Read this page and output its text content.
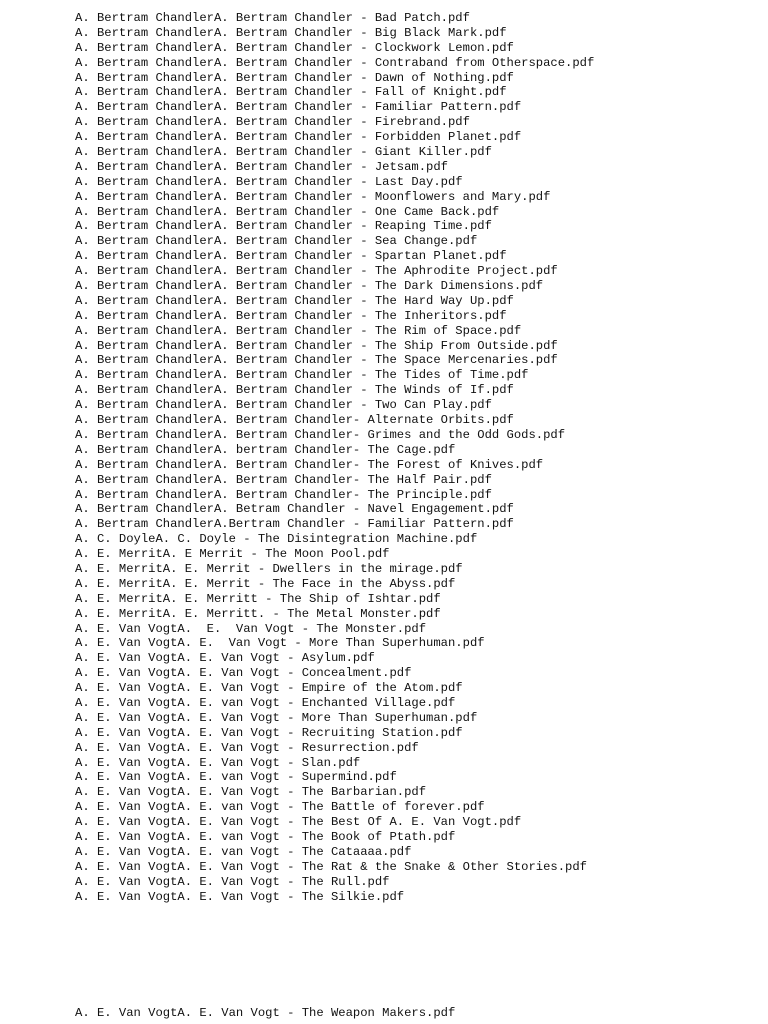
A. Bertram ChandlerA. Bertram Chandler - Bad Patch.pdf
A. Bertram ChandlerA. Bertram Chandler - Big Black Mark.pdf
A. Bertram ChandlerA. Bertram Chandler - Clockwork Lemon.pdf
A. Bertram ChandlerA. Bertram Chandler - Contraband from Otherspace.pdf
A. Bertram ChandlerA. Bertram Chandler - Dawn of Nothing.pdf
A. Bertram ChandlerA. Bertram Chandler - Fall of Knight.pdf
A. Bertram ChandlerA. Bertram Chandler - Familiar Pattern.pdf
A. Bertram ChandlerA. Bertram Chandler - Firebrand.pdf
A. Bertram ChandlerA. Bertram Chandler - Forbidden Planet.pdf
A. Bertram ChandlerA. Bertram Chandler - Giant Killer.pdf
A. Bertram ChandlerA. Bertram Chandler - Jetsam.pdf
A. Bertram ChandlerA. Bertram Chandler - Last Day.pdf
A. Bertram ChandlerA. Bertram Chandler - Moonflowers and Mary.pdf
A. Bertram ChandlerA. Bertram Chandler - One Came Back.pdf
A. Bertram ChandlerA. Bertram Chandler - Reaping Time.pdf
A. Bertram ChandlerA. Bertram Chandler - Sea Change.pdf
A. Bertram ChandlerA. Bertram Chandler - Spartan Planet.pdf
A. Bertram ChandlerA. Bertram Chandler - The Aphrodite Project.pdf
A. Bertram ChandlerA. Bertram Chandler - The Dark Dimensions.pdf
A. Bertram ChandlerA. Bertram Chandler - The Hard Way Up.pdf
A. Bertram ChandlerA. Bertram Chandler - The Inheritors.pdf
A. Bertram ChandlerA. Bertram Chandler - The Rim of Space.pdf
A. Bertram ChandlerA. Bertram Chandler - The Ship From Outside.pdf
A. Bertram ChandlerA. Bertram Chandler - The Space Mercenaries.pdf
A. Bertram ChandlerA. Bertram Chandler - The Tides of Time.pdf
A. Bertram ChandlerA. Bertram Chandler - The Winds of If.pdf
A. Bertram ChandlerA. Bertram Chandler - Two Can Play.pdf
A. Bertram ChandlerA. Bertram Chandler- Alternate Orbits.pdf
A. Bertram ChandlerA. Bertram Chandler- Grimes and the Odd Gods.pdf
A. Bertram ChandlerA. bertram Chandler- The Cage.pdf
A. Bertram ChandlerA. Bertram Chandler- The Forest of Knives.pdf
A. Bertram ChandlerA. Bertram Chandler- The Half Pair.pdf
A. Bertram ChandlerA. Bertram Chandler- The Principle.pdf
A. Bertram ChandlerA. Betram Chandler - Navel Engagement.pdf
A. Bertram ChandlerA.Bertram Chandler - Familiar Pattern.pdf
A. C. DoyleA. C. Doyle - The Disintegration Machine.pdf
A. E. MerritA. E Merrit - The Moon Pool.pdf
A. E. MerritA. E. Merrit - Dwellers in the mirage.pdf
A. E. MerritA. E. Merrit - The Face in the Abyss.pdf
A. E. MerritA. E. Merritt - The Ship of Ishtar.pdf
A. E. MerritA. E. Merritt. - The Metal Monster.pdf
A. E. Van VogtA.  E.  Van Vogt - The Monster.pdf
A. E. Van VogtA. E.  Van Vogt - More Than Superhuman.pdf
A. E. Van VogtA. E. Van Vogt - Asylum.pdf
A. E. Van VogtA. E. Van Vogt - Concealment.pdf
A. E. Van VogtA. E. Van Vogt - Empire of the Atom.pdf
A. E. Van VogtA. E. van Vogt - Enchanted Village.pdf
A. E. Van VogtA. E. Van Vogt - More Than Superhuman.pdf
A. E. Van VogtA. E. Van Vogt - Recruiting Station.pdf
A. E. Van VogtA. E. Van Vogt - Resurrection.pdf
A. E. Van VogtA. E. Van Vogt - Slan.pdf
A. E. Van VogtA. E. van Vogt - Supermind.pdf
A. E. Van VogtA. E. Van Vogt - The Barbarian.pdf
A. E. Van VogtA. E. van Vogt - The Battle of forever.pdf
A. E. Van VogtA. E. Van Vogt - The Best Of A. E. Van Vogt.pdf
A. E. Van VogtA. E. van Vogt - The Book of Ptath.pdf
A. E. Van VogtA. E. van Vogt - The Cataaaa.pdf
A. E. Van VogtA. E. Van Vogt - The Rat & the Snake & Other Stories.pdf
A. E. Van VogtA. E. Van Vogt - The Rull.pdf
A. E. Van VogtA. E. Van Vogt - The Silkie.pdf
A. E. Van VogtA. E. Van Vogt - The Weapon Makers.pdf
